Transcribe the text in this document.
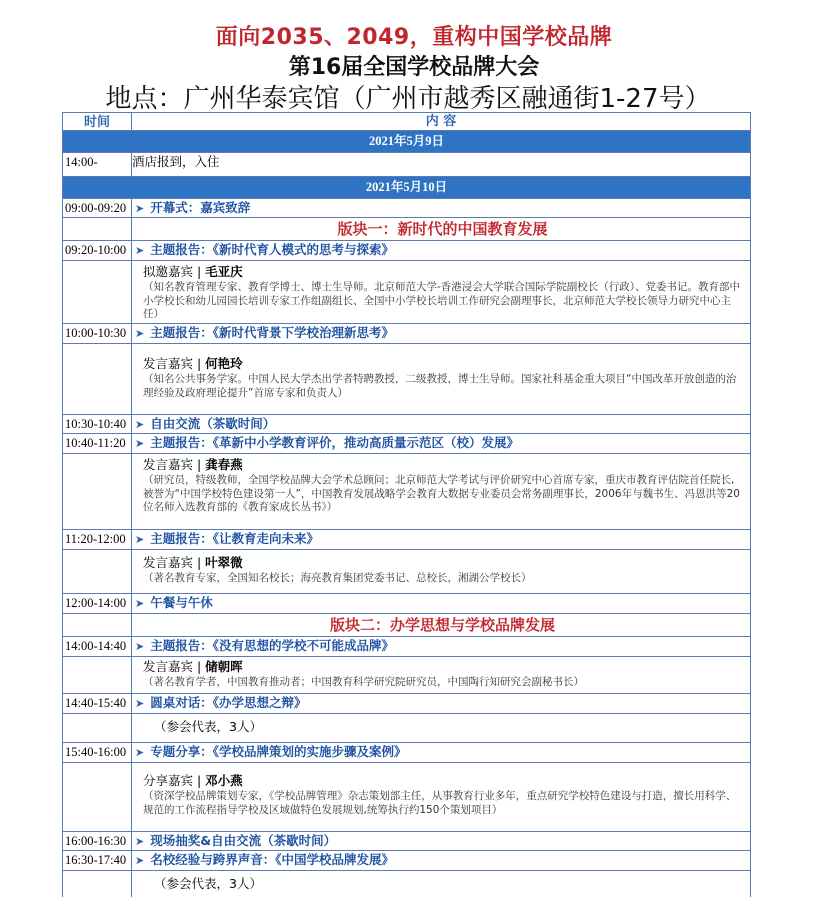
面向2035、2049，重构中国学校品牌
第16届全国学校品牌大会
地点：广州华泰宾馆（广州市越秀区融通街1-27号）
时间	内 容
2021年5月9日
14:00-	酒店报到，入住
2021年5月10日
09:00-09:20 ➤ 开幕式：嘉宾致辞
版块一：新时代的中国教育发展
09:20-10:00 ➤ 主题报告：《新时代育人模式的思考与探索》
拟邀嘉宾 | 毛亚庆
（知名教育管理专家、教育学博士、博士生导师。北京师范大学-香港浸会大学联合国际学院副校长（行政）、党委书记。教育部中小学校长和幼儿园园长培训专家工作组副组长、全国中小学校长培训工作研究会副理事长，北京师范大学校长领导力研究中心主任）
10:00-10:30 ➤ 主题报告：《新时代背景下学校治理新思考》
发言嘉宾 | 何艳玲
（知名公共事务学家。中国人民大学杰出学者特聘教授，二级教授，博士生导师。国家社科基金重大项目“中国改革开放创造的治理经验及政府理论提升”首席专家和负责人）
10:30-10:40 ➤ 自由交流（茶歇时间）
10:40-11:20 ➤ 主题报告：《革新中小学教育评价，推动高质量示范区（校）发展》
发言嘉宾 | 龚春燕
（研究员，特级教师，全国学校品牌大会学术总顾问；北京师范大学考试与评价研究中心首席专家，重庆市教育评估院首任院长,被誉为“中国学校特色建设第一人”，中国教育发展战略学会教育大数据专业委员会常务副理事长，2006年与魏书生、冯恩洪等20位名师入选教育部的《教育家成长丛书》）
11:20-12:00 ➤ 主题报告：《让教育走向未来》
发言嘉宾 | 叶翠微
（著名教育专家，全国知名校长；海亮教育集团党委书记、总校长，湘湖公学校长）
12:00-14:00 ➤ 午餐与午休
版块二：办学思想与学校品牌发展
14:00-14:40 ➤ 主题报告：《没有思想的学校不可能成品牌》
发言嘉宾 | 储朝晖
（著名教育学者，中国教育推动者；中国教育科学研究院研究员，中国陶行知研究会副秘书长）
14:40-15:40 ➤ 圆桌对话：《办学思想之辩》
（参会代表，3人）
15:40-16:00 ➤ 专题分享：《学校品牌策划的实施步骤及案例》
分享嘉宾 | 邓小燕
（资深学校品牌策划专家，《学校品牌管理》杂志策划部主任，从事教育行业多年，重点研究学校特色建设与打造，擅长用科学、规范的工作流程指导学校及区域做特色发展规划,统筹执行约150个策划项目）
16:00-16:30 ➤ 现场抽奖&自由交流（茶歇时间）
16:30-17:40 ➤ 名校经验与跨界声音：《中国学校品牌发展》
（参会代表，3人）
